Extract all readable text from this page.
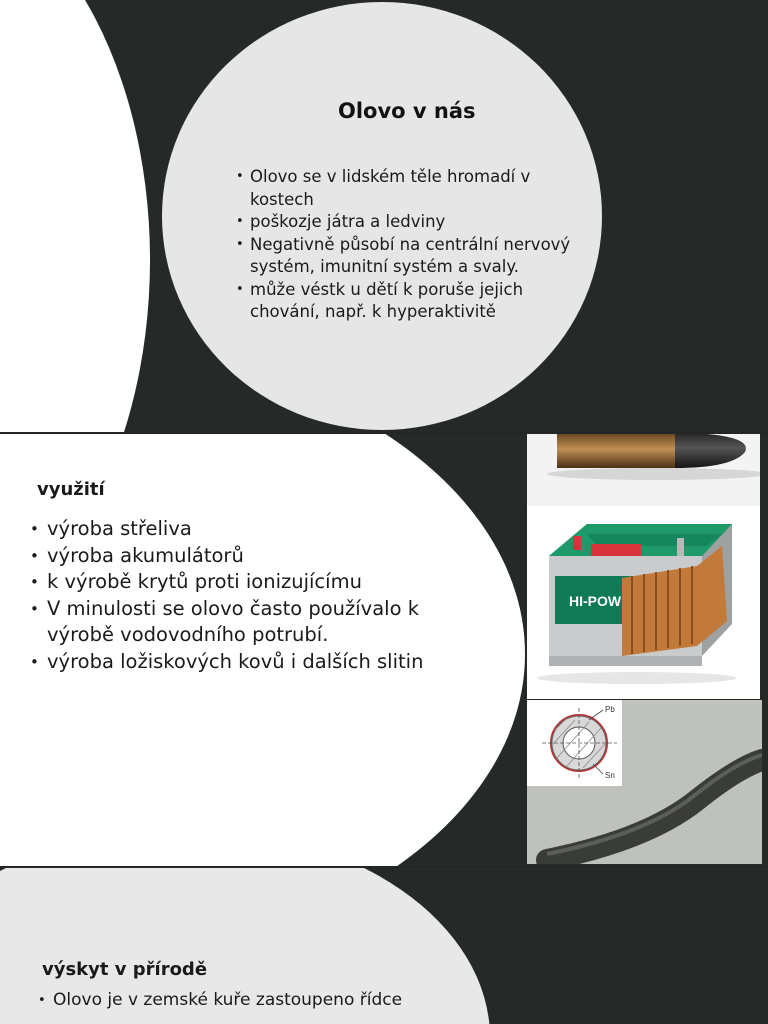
Olovo v nás
• Olovo se v lidském těle hromadí v kostech
• poškozje játra a ledviny
• Negativně působí na centrální nervový systém, imunitní systém a svaly.
• může véstk u dětí k poruše jejich chování, např. k hyperaktivitě
využití
• výroba střeliva
• výroba akumulátorů
• k výrobě krytů proti ionizujícímu
• V minulosti se olovo často používalo k výrobě vodovodního potrubí.
• výroba ložiskových kovů i dalších slitin
HI-POW
Pb
Sn
výskyt v přírodě
• Olovo je v zemské kuře zastoupeno řídce
